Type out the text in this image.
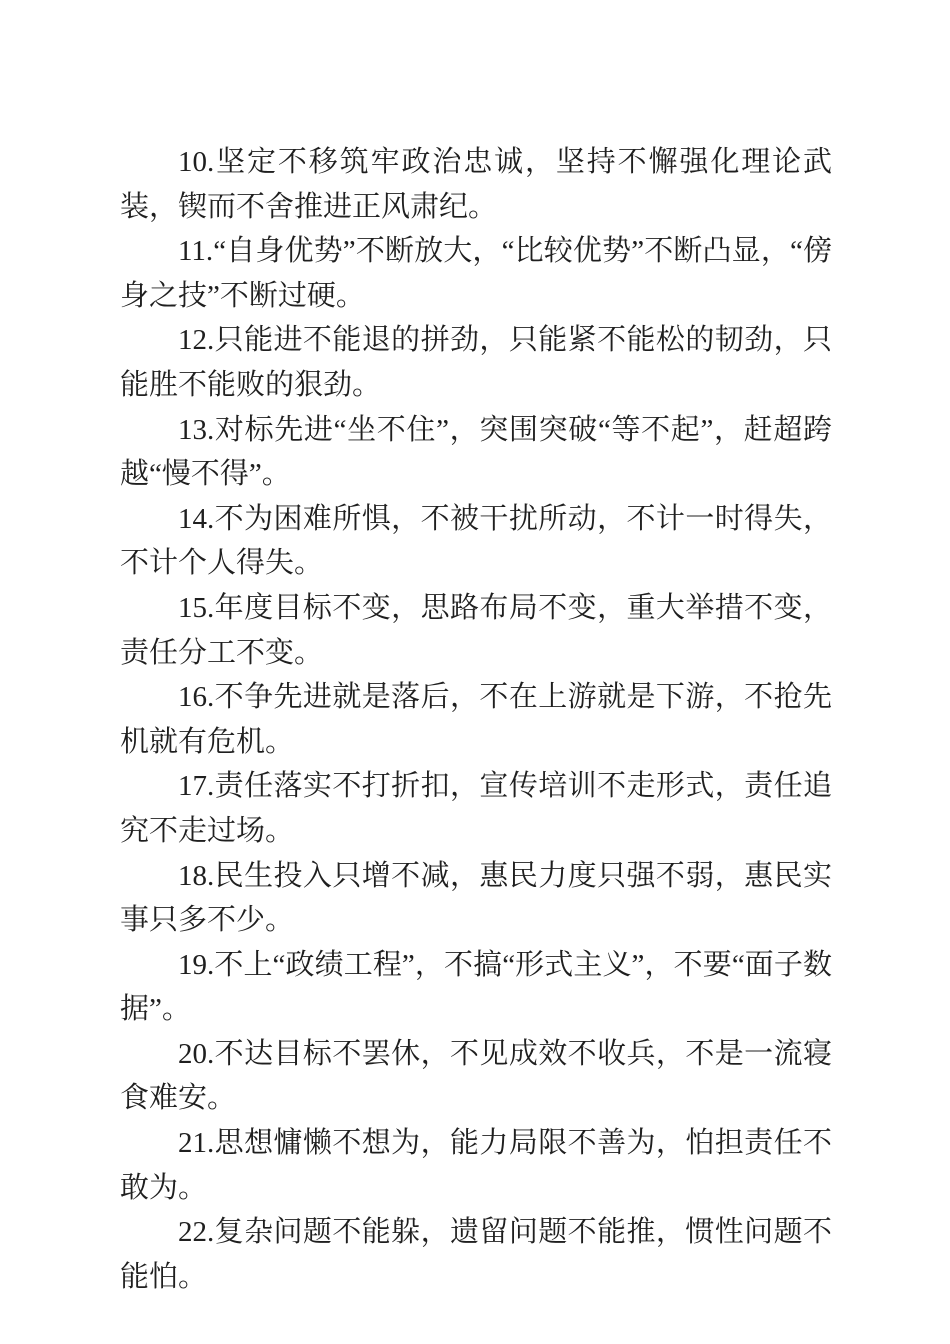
10.坚定不移筑牢政治忠诚，坚持不懈强化理论武装，锲而不舍推进正风肃纪。

11.“自身优势”不断放大，“比较优势”不断凸显，“傍身之技”不断过硬。

12.只能进不能退的拼劲，只能紧不能松的韧劲，只能胜不能败的狠劲。

13.对标先进“坐不住”，突围突破“等不起”，赶超跨越“慢不得”。

14.不为困难所惧，不被干扰所动，不计一时得失，不计个人得失。

15.年度目标不变，思路布局不变，重大举措不变，责任分工不变。

16.不争先进就是落后，不在上游就是下游，不抢先机就有危机。

17.责任落实不打折扣，宣传培训不走形式，责任追究不走过场。

18.民生投入只增不减，惠民力度只强不弱，惠民实事只多不少。

19.不上“政绩工程”，不搞“形式主义”，不要“面子数据”。

20.不达目标不罢休，不见成效不收兵，不是一流寝食难安。

21.思想慵懒不想为，能力局限不善为，怕担责任不敢为。

22.复杂问题不能躲，遗留问题不能推，惯性问题不能怕。
